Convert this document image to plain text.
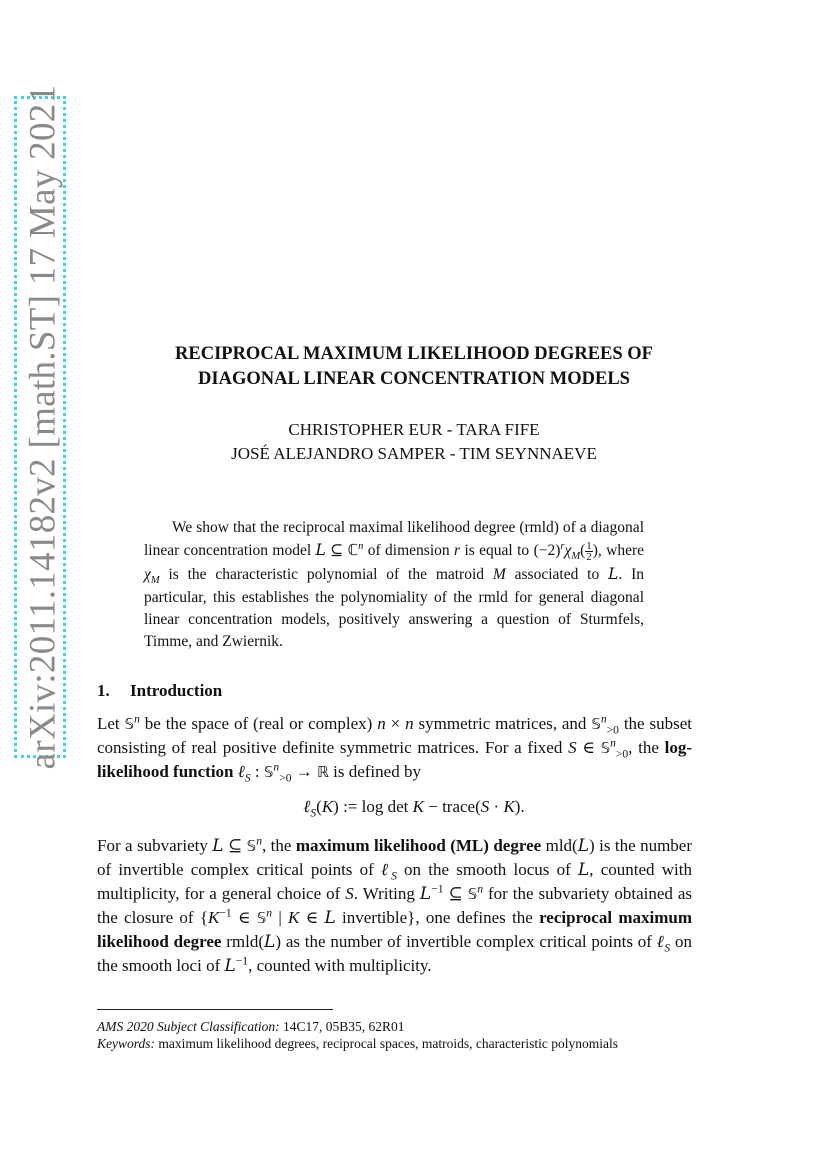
arXiv:2011.14182v2 [math.ST] 17 May 2021	RECIPROCAL MAXIMUM LIKELIHOOD DEGREES OF
DIAGONAL LINEAR CONCENTRATION MODELS
CHRISTOPHER EUR - TARA FIFE
JOSÉ ALEJANDRO SAMPER - TIM SEYNNAEVE
We show that the reciprocal maximal likelihood degree (rmld) of a diagonal linear concentration model L ⊆ ℂ$^n$ of dimension r is equal to $(-2)^r\chi_M( \frac{1}{2}$ ), where $\chi_M$ is the characteristic polynomial of the matroid M associated to L. In particular, this establishes the polynomiality of the rmld for general diagonal linear concentration models, positively answering a question of Sturmfels, Timme, and Zwiernik.
1. Introduction
Let 𝕊$^n$ be the space of (real or complex) n × n symmetric matrices, and 𝕊$^n_{>0}$ the subset consisting of real positive definite symmetric matrices. For a fixed S ∈ 𝕊$^n_{>0}$, the log-likelihood function ℓ$_S$ : 𝕊$^n_{>0}$ → ℝ is defined by
ℓ$_S$(K) := log det K − trace(S · K).
For a subvariety L ⊆ 𝕊$^n$, the maximum likelihood (ML) degree mld(L) is the number of invertible complex critical points of ℓ$_S$ on the smooth locus of L, counted with multiplicity, for a general choice of S. Writing $L^{-1}$ ⊆ 𝕊$^n$ for the subvariety obtained as the closure of {$K^{-1}$ ∈ 𝕊$^n$ | K ∈ L invertible}, one defines the reciprocal maximum likelihood degree rmld(L) as the number of invertible complex critical points of ℓ$_S$ on the smooth loci of $L^{-1}$, counted with multiplicity.
AMS 2020 Subject Classification: 14C17, 05B35, 62R01
Keywords: maximum likelihood degrees, reciprocal spaces, matroids, characteristic polynomials
